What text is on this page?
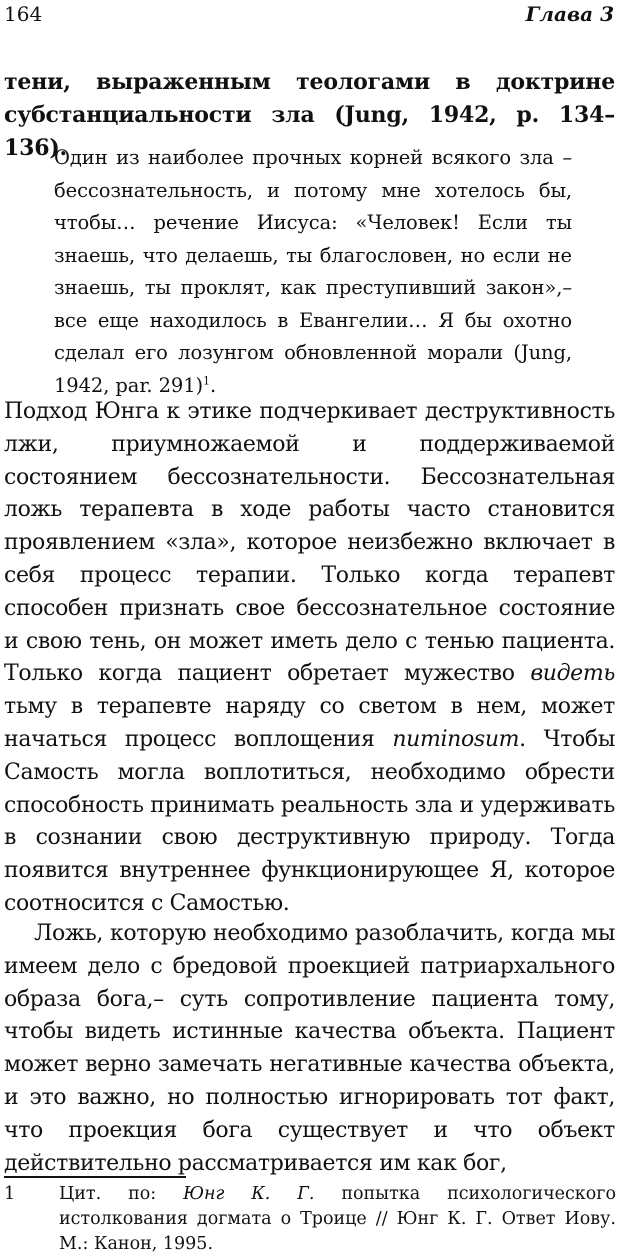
164	Глава 3

тени, выраженным теологами в доктрине субстанциальности зла (Jung, 1942, p. 134–136).

Один из наиболее прочных корней всякого зла – бессознательность, и потому мне хотелось бы, чтобы… речение Иисуса: «Человек! Если ты знаешь, что делаешь, ты благословен, но если не знаешь, ты проклят, как преступивший закон»,– все еще находилось в Евангелии… Я бы охотно сделал его лозунгом обновленной морали (Jung, 1942, par. 291)$^1$.

Подход Юнга к этике подчеркивает деструктивность лжи, приумножаемой и поддерживаемой состоянием бессознательности. Бессознательная ложь терапевта в ходе работы часто становится проявлением «зла», которое неизбежно включает в себя процесс терапии. Только когда терапевт способен признать свое бессознательное состояние и свою тень, он может иметь дело с тенью пациента. Только когда пациент обретает мужество видеть тьму в терапевте наряду со светом в нем, может начаться процесс воплощения numinosum. Чтобы Самость могла воплотиться, необходимо обрести способность принимать реальность зла и удерживать в сознании свою деструктивную природу. Тогда появится внутреннее функционирующее Я, которое соотносится с Самостью.

Ложь, которую необходимо разоблачить, когда мы имеем дело с бредовой проекцией патриархального образа бога,– суть сопротивление пациента тому, чтобы видеть истинные качества объекта. Пациент может верно замечать негативные качества объекта, и это важно, но полностью игнорировать тот факт, что проекция бога существует и что объект действительно рассматривается им как бог,

1	Цит. по: Юнг К. Г. попытка психологического истолкования догмата о Троице // Юнг К. Г. Ответ Иову. М.: Канон, 1995.
